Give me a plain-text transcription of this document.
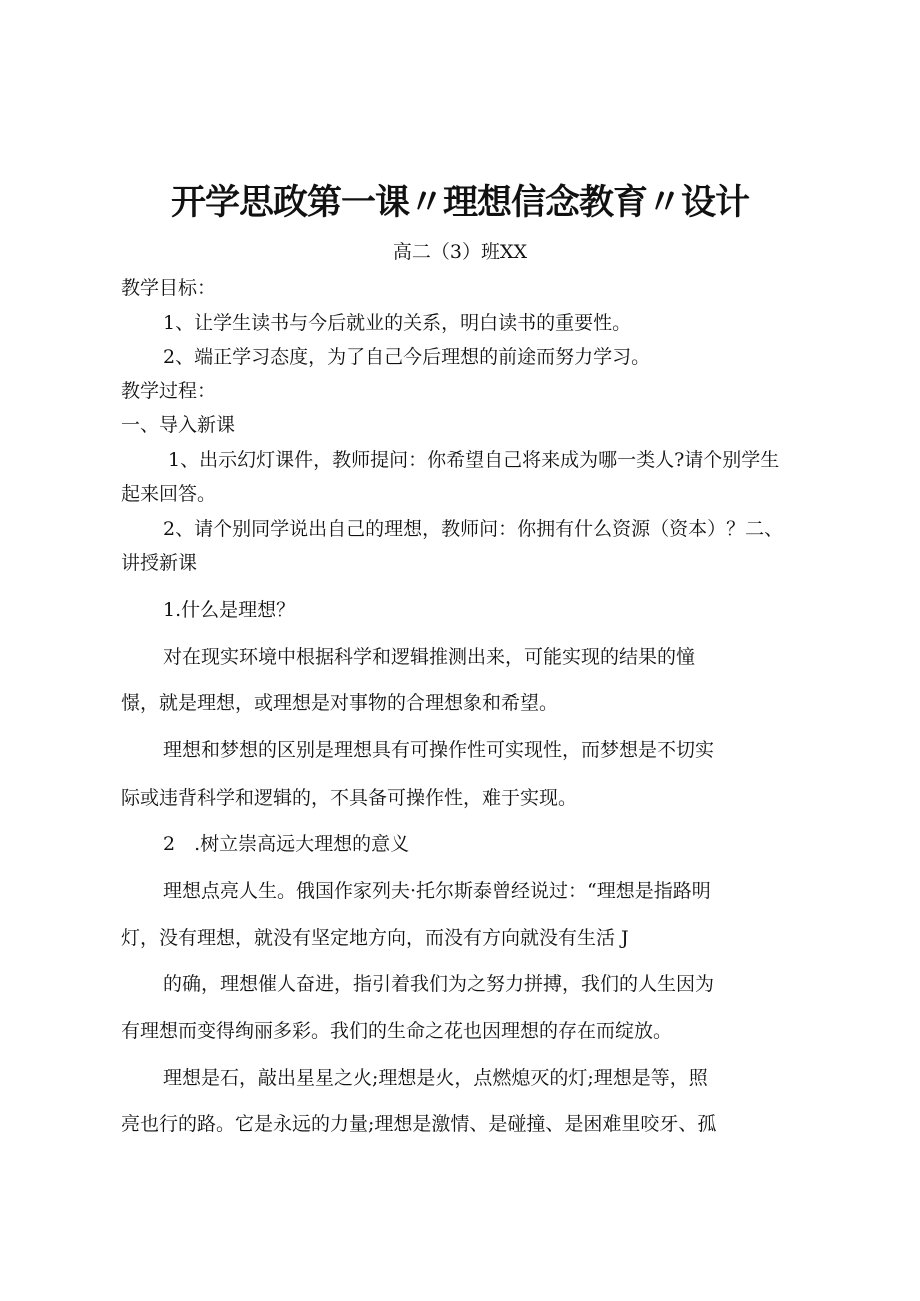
开学思政第一课〃理想信念教育〃设计
高二（3）班XX
教学目标：
1、让学生读书与今后就业的关系，明白读书的重要性。
2、端正学习态度，为了自己今后理想的前途而努力学习。
教学过程：
一、导入新课
1、出示幻灯课件，教师提问：你希望自己将来成为哪一类人?请个别学生
起来回答。
2、请个别同学说出自己的理想，教师问：你拥有什么资源（资本）？二、
讲授新课
1.什么是理想？
对在现实环境中根据科学和逻辑推测出来，可能实现的结果的憧
憬，就是理想，或理想是对事物的合理想象和希望。
理想和梦想的区别是理想具有可操作性可实现性，而梦想是不切实
际或违背科学和逻辑的，不具备可操作性，难于实现。
2　.树立崇高远大理想的意义
理想点亮人生。俄国作家列夫·托尔斯泰曾经说过：“理想是指路明
灯，没有理想，就没有坚定地方向，而没有方向就没有生活 J
的确，理想催人奋进，指引着我们为之努力拼搏，我们的人生因为
有理想而变得绚丽多彩。我们的生命之花也因理想的存在而绽放。
理想是石，敲出星星之火;理想是火，点燃熄灭的灯;理想是等，照
亮也行的路。它是永远的力量;理想是激情、是碰撞、是困难里咬牙、孤
